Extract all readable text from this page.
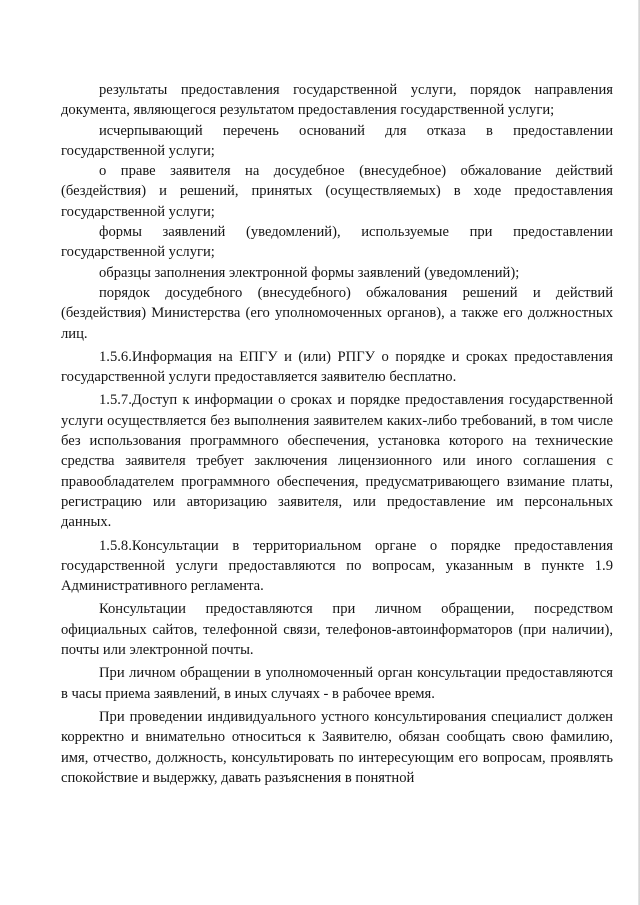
результаты предоставления государственной услуги, порядок направления документа, являющегося результатом предоставления государственной услуги;

исчерпывающий перечень оснований для отказа в предоставлении государственной услуги;

о праве заявителя на досудебное (внесудебное) обжалование действий (бездействия) и решений, принятых (осуществляемых) в ходе предоставления государственной услуги;

формы заявлений (уведомлений), используемые при предоставлении государственной услуги;

образцы заполнения электронной формы заявлений (уведомлений);

порядок досудебного (внесудебного) обжалования решений и действий (бездействия) Министерства (его уполномоченных органов), а также его должностных лиц.

1.5.6.Информация на ЕПГУ и (или) РПГУ о порядке и сроках предоставления государственной услуги предоставляется заявителю бесплатно.

1.5.7.Доступ к информации о сроках и порядке предоставления государственной услуги осуществляется без выполнения заявителем каких-либо требований, в том числе без использования программного обеспечения, установка которого на технические средства заявителя требует заключения лицензионного или иного соглашения с правообладателем программного обеспечения, предусматривающего взимание платы, регистрацию или авторизацию заявителя, или предоставление им персональных данных.

1.5.8.Консультации в территориальном органе о порядке предоставления государственной услуги предоставляются по вопросам, указанным в пункте 1.9 Административного регламента.

Консультации предоставляются при личном обращении, посредством официальных сайтов, телефонной связи, телефонов-автоинформаторов (при наличии), почты или электронной почты.

При личном обращении в уполномоченный орган консультации предоставляются в часы приема заявлений, в иных случаях - в рабочее время.

При проведении индивидуального устного консультирования специалист должен корректно и внимательно относиться к Заявителю, обязан сообщать свою фамилию, имя, отчество, должность, консультировать по интересующим его вопросам, проявлять спокойствие и выдержку, давать разъяснения в понятной
